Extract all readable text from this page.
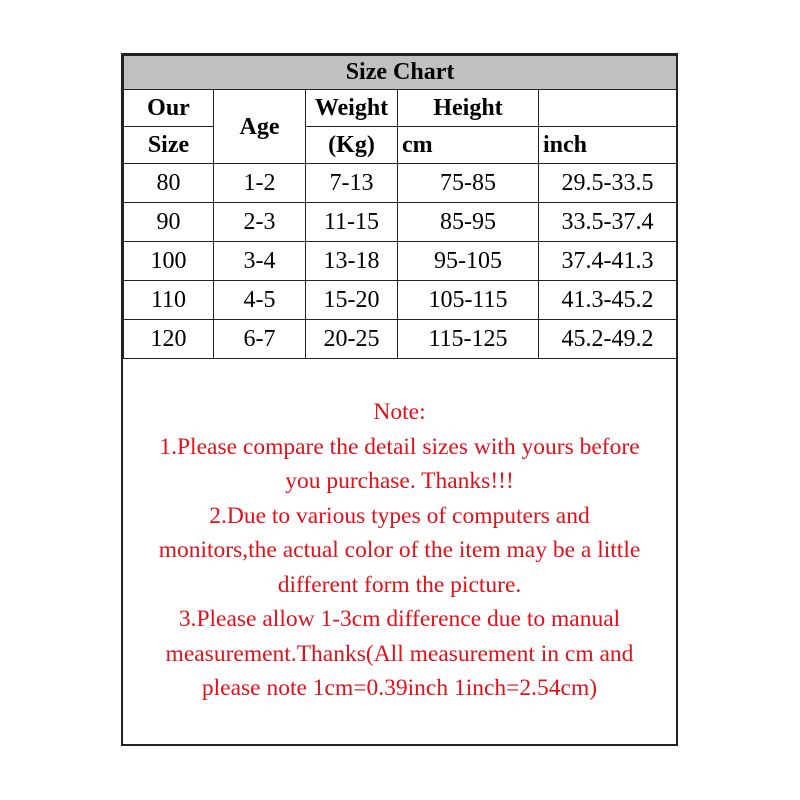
Size Chart				
Our	Age	Weight	Height	
Size		(Kg)	cm	inch
80	1-2	7-13	75-85	29.5-33.5
90	2-3	11-15	85-95	33.5-37.4
100	3-4	13-18	95-105	37.4-41.3
110	4-5	15-20	105-115	41.3-45.2
120	6-7	20-25	115-125	45.2-49.2
Note:
1.Please compare the detail sizes with yours before
you purchase. Thanks!!!
2.Due to various types of computers and
monitors,the actual color of the item may be a little
different form the picture.
3.Please allow 1-3cm difference due to manual
measurement.Thanks(All measurement in cm and
please note 1cm=0.39inch 1inch=2.54cm)
